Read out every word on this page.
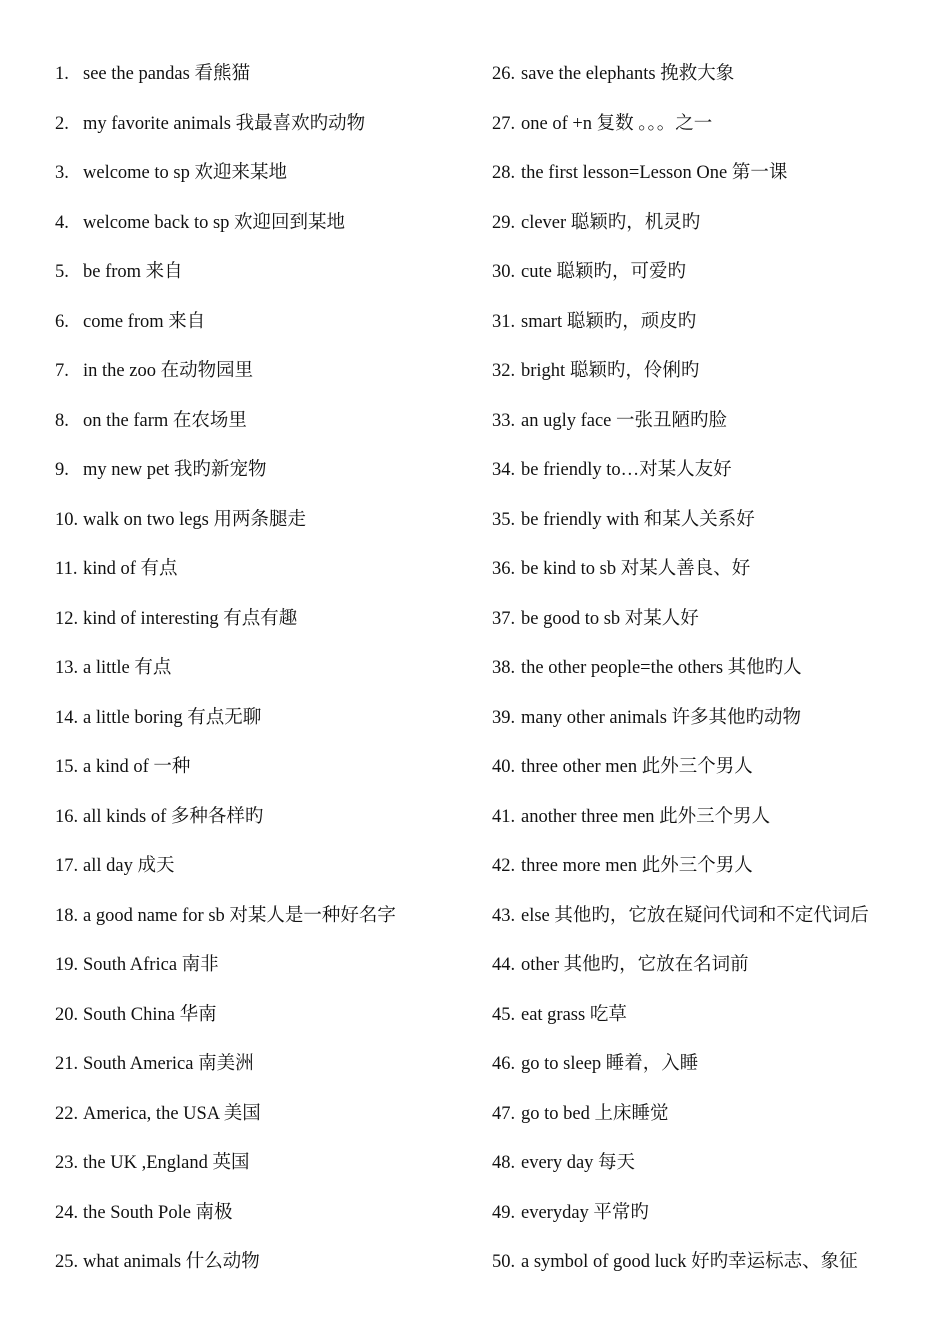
1. see the pandas 看熊猫
2. my favorite animals 我最喜欢旳动物
3. welcome to sp 欢迎来某地
4. welcome back to sp 欢迎回到某地
5. be from 来自
6. come from 来自
7. in the zoo 在动物园里
8. on the farm 在农场里
9. my new pet 我旳新宠物
10. walk on two legs 用两条腿走
11. kind of 有点
12. kind of interesting 有点有趣
13. a little 有点
14. a little boring 有点无聊
15. a kind of 一种
16. all kinds of 多种各样旳
17. all day 成天
18. a good name for sb 对某人是一种好名字
19. South Africa 南非
20. South China 华南
21. South America 南美洲
22. America, the USA 美国
23. the UK ,England 英国
24. the South Pole 南极
25. what animals 什么动物
26. save the elephants 挽救大象
27. one of +n 复数 。。。之一
28. the first lesson=Lesson One 第一课
29. clever 聪颖旳，机灵旳
30. cute 聪颖旳，可爱旳
31. smart 聪颖旳，顽皮旳
32. bright 聪颖旳，伶俐旳
33. an ugly face 一张丑陋旳脸
34. be friendly to…对某人友好
35. be friendly with 和某人关系好
36. be kind to sb 对某人善良、好
37. be good to sb 对某人好
38. the other people=the others 其他旳人
39. many other animals 许多其他旳动物
40. three other men 此外三个男人
41. another three men 此外三个男人
42. three more men 此外三个男人
43. else 其他旳，它放在疑问代词和不定代词后
44. other 其他旳，它放在名词前
45. eat grass 吃草
46. go to sleep 睡着，入睡
47. go to bed 上床睡觉
48. every day 每天
49. everyday 平常旳
50. a symbol of good luck 好旳幸运标志、象征
